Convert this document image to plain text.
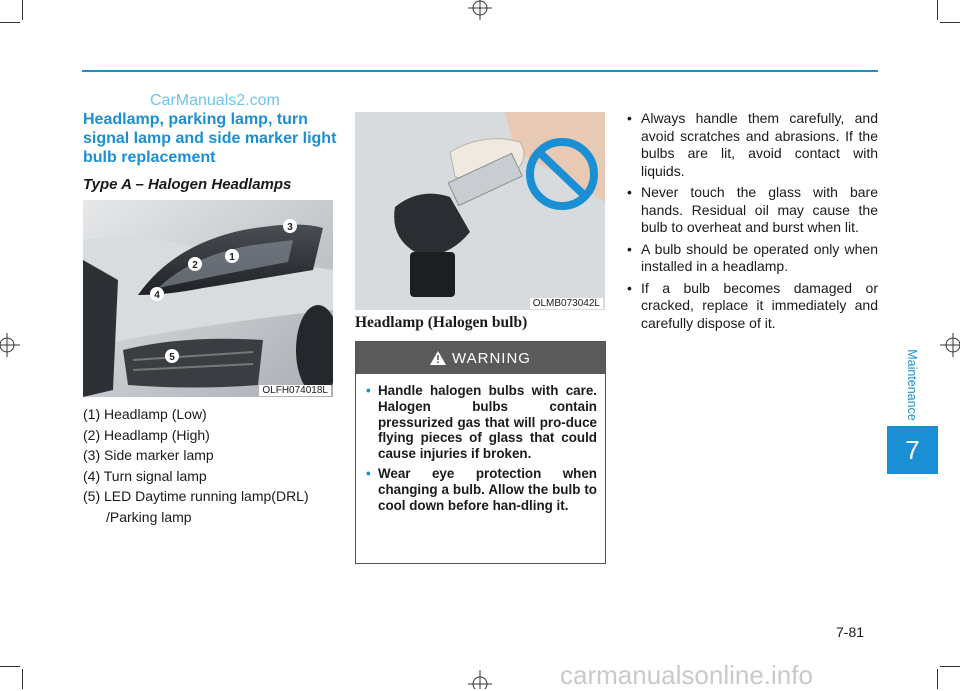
CarManuals2.com
Headlamp, parking lamp, turn signal lamp and side marker light bulb replacement
Type A – Halogen Headlamps
1
2
3
4
5
OLFH074018L
(1) Headlamp (Low)
(2) Headlamp (High)
(3) Side marker lamp
(4) Turn signal lamp
(5) LED Daytime running lamp(DRL) /Parking lamp
OLMB073042L
Headlamp (Halogen bulb)
WARNING
• Handle halogen bulbs with care. Halogen bulbs contain pressurized gas that will pro-duce flying pieces of glass that could cause injuries if broken.
• Wear eye protection when changing a bulb. Allow the bulb to cool down before han-dling it.
• Always handle them carefully, and avoid scratches and abrasions. If the bulbs are lit, avoid contact with liquids.
• Never touch the glass with bare hands. Residual oil may cause the bulb to overheat and burst when lit.
• A bulb should be operated only when installed in a headlamp.
• If a bulb becomes damaged or cracked, replace it immediately and carefully dispose of it.
Maintenance
7
7-81
carmanualsonline.info
